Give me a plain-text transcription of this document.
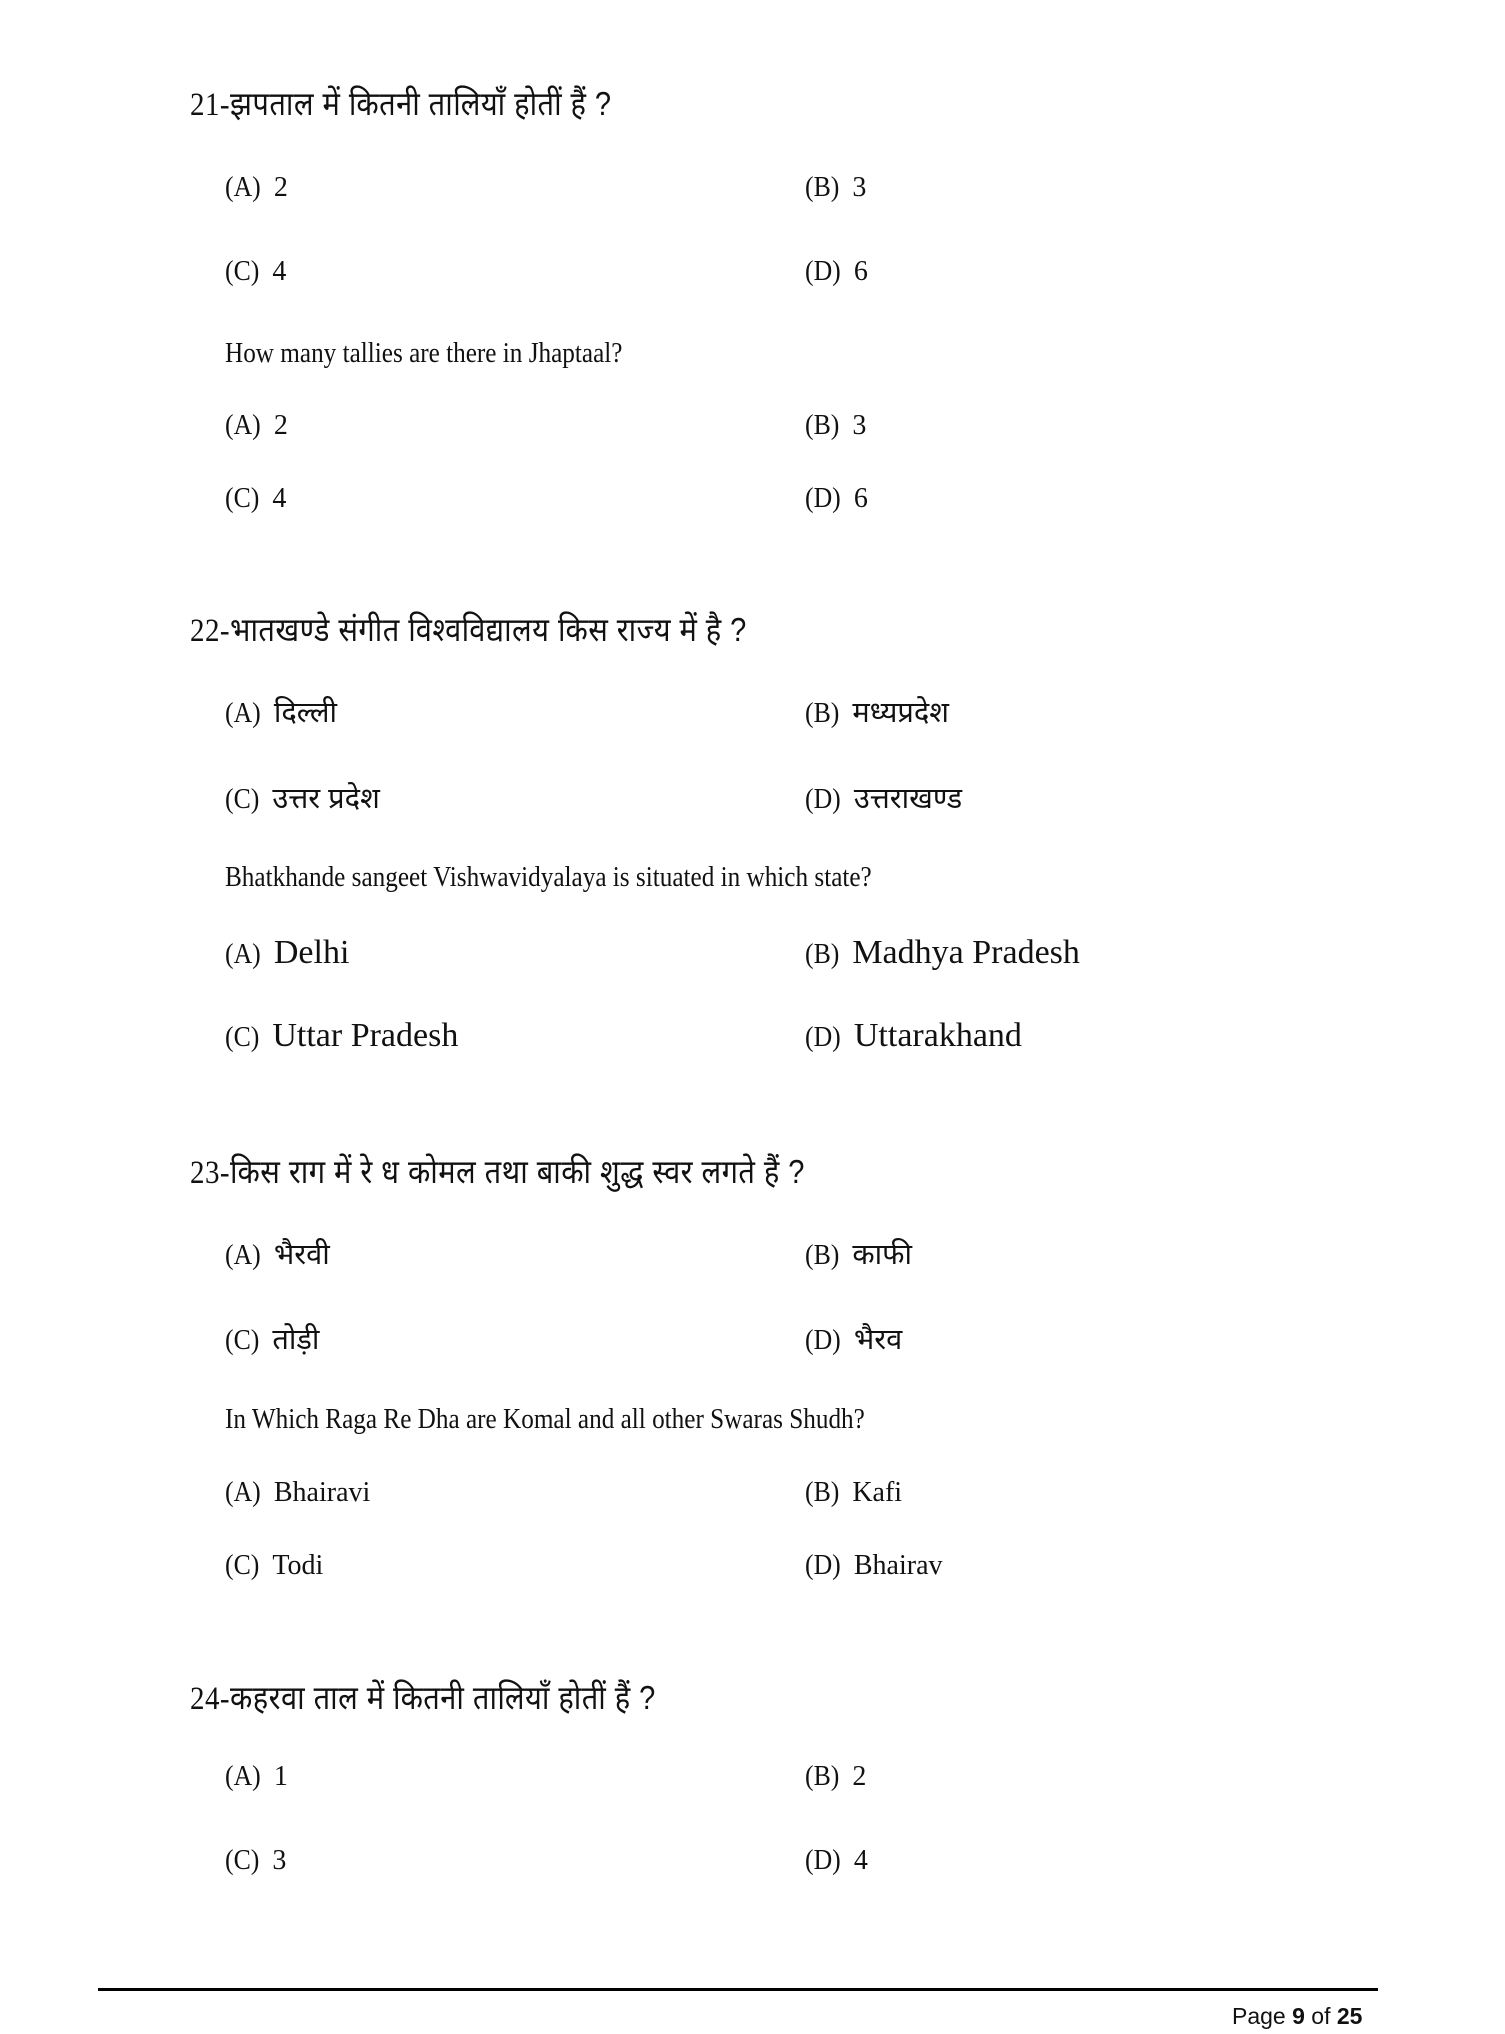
21-झपताल में कितनी तालियाँ होतीं हैं ?
(A) 2	(B) 3
(C) 4	(D) 6
How many tallies are there in Jhaptaal?
(A) 2	(B) 3
(C) 4	(D) 6
22-भातखण्डे संगीत विश्वविद्यालय किस राज्य में है ?
(A) दिल्ली	(B) मध्यप्रदेश
(C) उत्तर प्रदेश	(D) उत्तराखण्ड
Bhatkhande sangeet Vishwavidyalaya is situated in which state?
(A) Delhi	(B) Madhya Pradesh
(C) Uttar Pradesh	(D) Uttarakhand
23-किस राग में रे ध कोमल तथा बाकी शुद्ध स्वर लगते हैं ?
(A) भैरवी	(B) काफी
(C) तोड़ी	(D) भैरव
In Which Raga Re Dha are Komal and all other Swaras Shudh?
(A) Bhairavi	(B) Kafi
(C) Todi	(D) Bhairav
24-कहरवा ताल में कितनी तालियाँ होतीं हैं ?
(A) 1	(B) 2
(C) 3	(D) 4
Page 9 of 25
